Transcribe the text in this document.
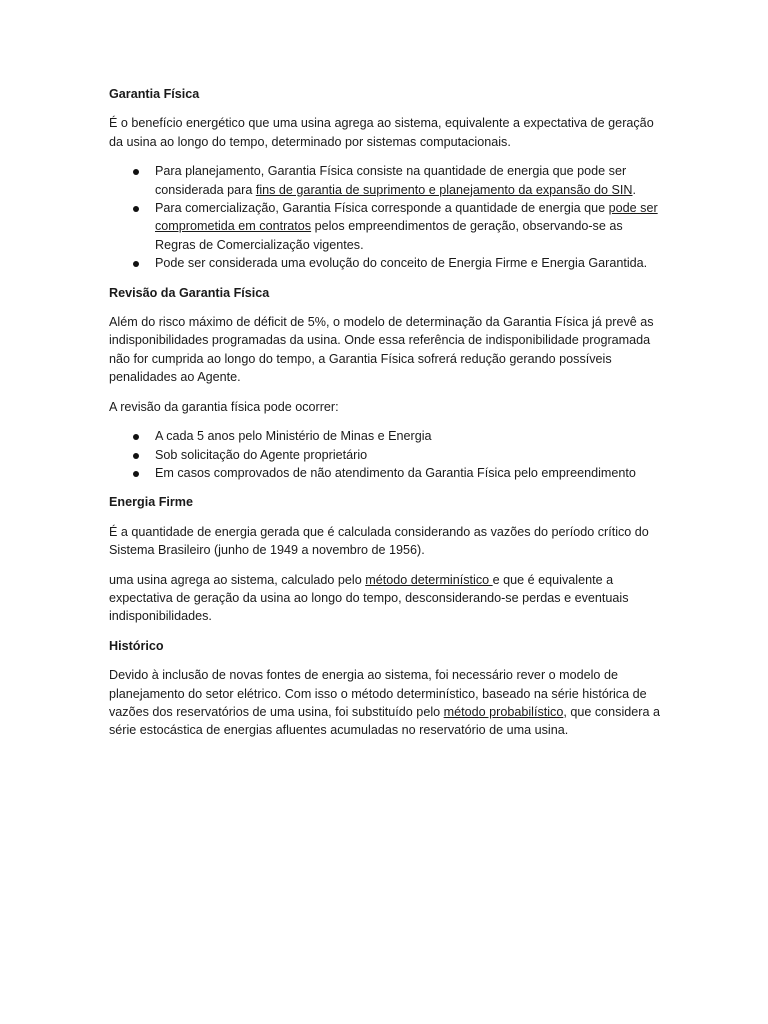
Garantia Física
É o benefício energético que uma usina agrega ao sistema, equivalente a expectativa de geração da usina ao longo do tempo, determinado por sistemas computacionais.
Para planejamento, Garantia Física consiste na quantidade de energia que pode ser considerada para fins de garantia de suprimento e planejamento da expansão do SIN.
Para comercialização, Garantia Física corresponde a quantidade de energia que pode ser comprometida em contratos pelos empreendimentos de geração, observando-se as Regras de Comercialização vigentes.
Pode ser considerada uma evolução do conceito de Energia Firme e Energia Garantida.
Revisão da Garantia Física
Além do risco máximo de déficit de 5%, o modelo de determinação da Garantia Física já prevê as indisponibilidades programadas da usina. Onde essa referência de indisponibilidade programada não for cumprida ao longo do tempo, a Garantia Física sofrerá redução gerando possíveis penalidades ao Agente.
A revisão da garantia física pode ocorrer:
A cada 5 anos pelo Ministério de Minas e Energia
Sob solicitação do Agente proprietário
Em casos comprovados de não atendimento da Garantia Física pelo empreendimento
Energia Firme
É a quantidade de energia gerada que é calculada considerando as vazões do período crítico do Sistema Brasileiro (junho de 1949 a novembro de 1956).
uma usina agrega ao sistema, calculado pelo método determinístico e que é equivalente a expectativa de geração da usina ao longo do tempo, desconsiderando-se perdas e eventuais indisponibilidades.
Histórico
Devido à inclusão de novas fontes de energia ao sistema, foi necessário rever o modelo de planejamento do setor elétrico. Com isso o método determinístico, baseado na série histórica de vazões dos reservatórios de uma usina, foi substituído pelo método probabilístico, que considera a série estocástica de energias afluentes acumuladas no reservatório de uma usina.
